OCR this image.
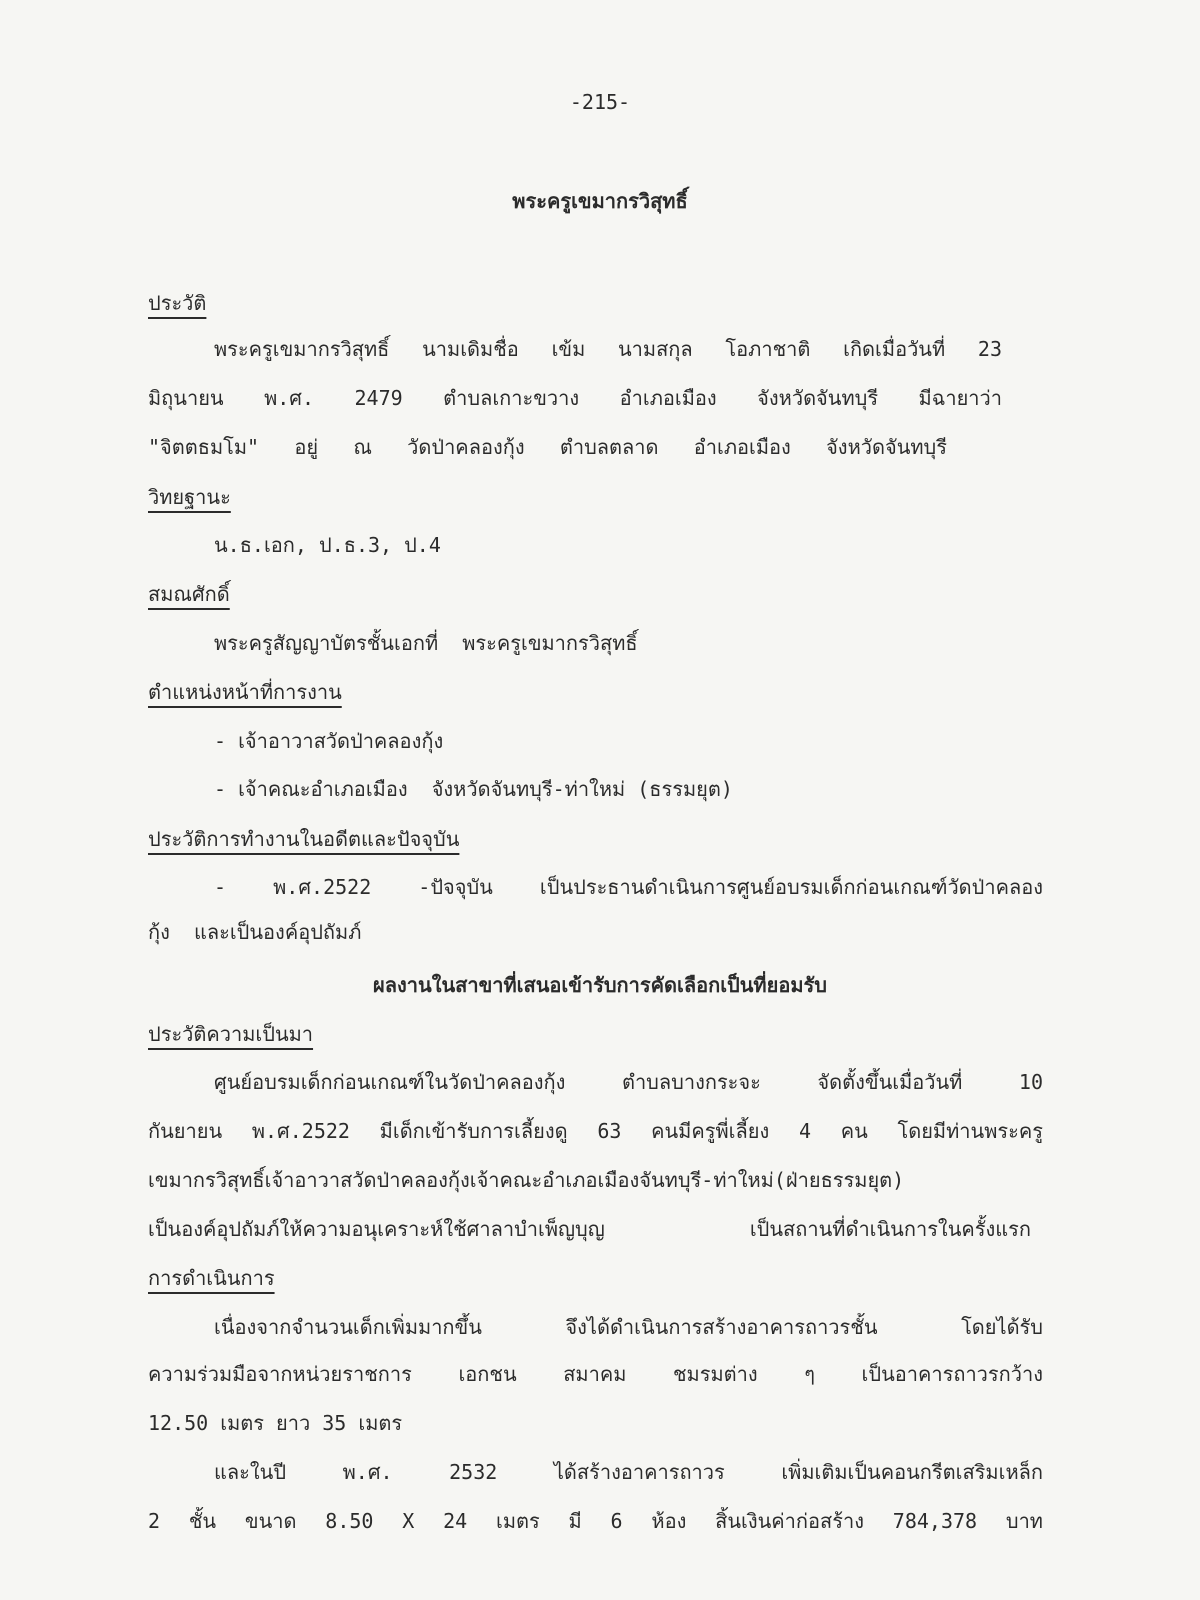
-215-
พระครูเขมากรวิสุทธิ์
ประวัติ
พระครูเขมากรวิสุทธิ์ นามเดิมชื่อ เข้ม นามสกุล โอภาชาติ เกิดเมื่อวันที่ 23
มิถุนายน พ.ศ. 2479 ตำบลเกาะขวาง อำเภอเมือง จังหวัดจันทบุรี มีฉายาว่า
"จิตตธมโม" อยู่ ณ วัดป่าคลองกุ้ง ตำบลตลาด อำเภอเมือง จังหวัดจันทบุรี
วิทยฐานะ
น.ธ.เอก, ป.ธ.3, ป.4
สมณศักดิ์
พระครูสัญญาบัตรชั้นเอกที่  พระครูเขมากรวิสุทธิ์
ตำแหน่งหน้าที่การงาน
- เจ้าอาวาสวัดป่าคลองกุ้ง
- เจ้าคณะอำเภอเมือง  จังหวัดจันทบุรี-ท่าใหม่ (ธรรมยุต)
ประวัติการทำงานในอดีตและปัจจุบัน
- พ.ศ.2522 -ปัจจุบัน เป็นประธานดำเนินการศูนย์อบรมเด็กก่อนเกณฑ์วัดป่าคลอง
กุ้ง  และเป็นองค์อุปถัมภ์
ผลงานในสาขาที่เสนอเข้ารับการคัดเลือกเป็นที่ยอมรับ
ประวัติความเป็นมา
ศูนย์อบรมเด็กก่อนเกณฑ์ในวัดป่าคลองกุ้ง ตำบลบางกระจะ จัดตั้งขึ้นเมื่อวันที่ 10
กันยายน พ.ศ.2522 มีเด็กเข้ารับการเลี้ยงดู 63 คนมีครูพี่เลี้ยง 4 คน โดยมีท่านพระครู
เขมากรวิสุทธิ์เจ้าอาวาสวัดป่าคลองกุ้งเจ้าคณะอำเภอเมืองจันทบุรี-ท่าใหม่(ฝ่ายธรรมยุต)
เป็นองค์อุปถัมภ์ให้ความอนุเคราะห์ใช้ศาลาบำเพ็ญบุญ เป็นสถานที่ดำเนินการในครั้งแรก
การดำเนินการ
เนื่องจากจำนวนเด็กเพิ่มมากขึ้น จึงได้ดำเนินการสร้างอาคารถาวรชั้น โดยได้รับ
ความร่วมมือจากหน่วยราชการ เอกชน สมาคม ชมรมต่าง ๆ เป็นอาคารถาวรกว้าง
12.50 เมตร ยาว 35 เมตร
และในปี พ.ศ. 2532 ได้สร้างอาคารถาวร เพิ่มเติมเป็นคอนกรีตเสริมเหล็ก
2 ชั้น ขนาด 8.50 X 24 เมตร มี 6 ห้อง สิ้นเงินค่าก่อสร้าง 784,378 บาท
